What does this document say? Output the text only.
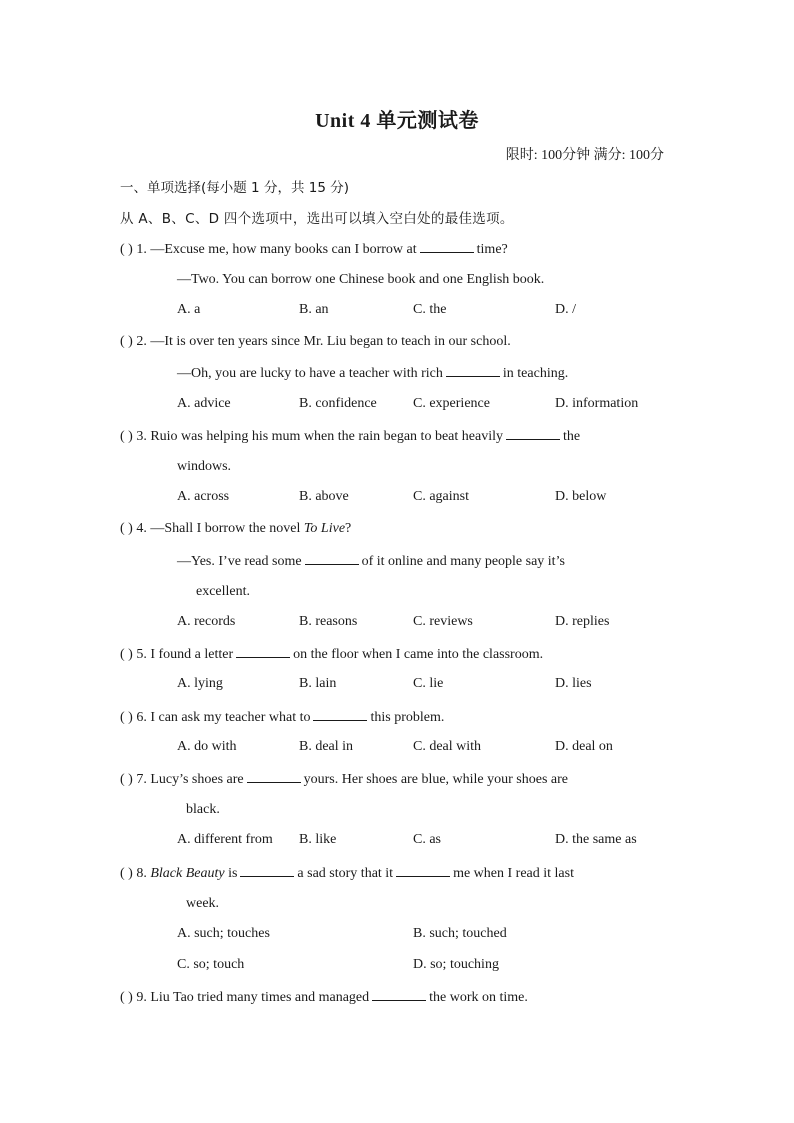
Unit 4 单元测试卷
限时: 100分钟 满分: 100分
一、单项选择(每小题 1 分，共 15 分)
从 A、B、C、D 四个选项中，选出可以填入空白处的最佳选项。
( ) 1. —Excuse me, how many books can I borrow at	time?
—Two. You can borrow one Chinese book and one English book.
A. a	B. an	C. the	D. /
( ) 2. —It is over ten years since Mr. Liu began to teach in our school.
—Oh, you are lucky to have a teacher with rich	in teaching.
A. advice	B. confidence	C. experience	D. information
( ) 3. Ruio was helping his mum when the rain began to beat heavily	the
windows.
A. across	B. above	C. against	D. below
( ) 4. —Shall I borrow the novel To Live?
—Yes. I’ve read some	of it online and many people say it’s
excellent.
A. records	B. reasons	C. reviews	D. replies
( ) 5. I found a letter	on the floor when I came into the classroom.
A. lying	B. lain	C. lie	D. lies
( ) 6. I can ask my teacher what to	this problem.
A. do with	B. deal in	C. deal with	D. deal on
( ) 7. Lucy’s shoes are	yours. Her shoes are blue, while your shoes are
black.
A. different from B. like	C. as	D. the same as
( ) 8. Black Beauty is	a sad story that it	me when I read it last
week.
A. such; touches	B. such; touched
C. so; touch	D. so; touching
( ) 9. Liu Tao tried many times and managed	the work on time.
